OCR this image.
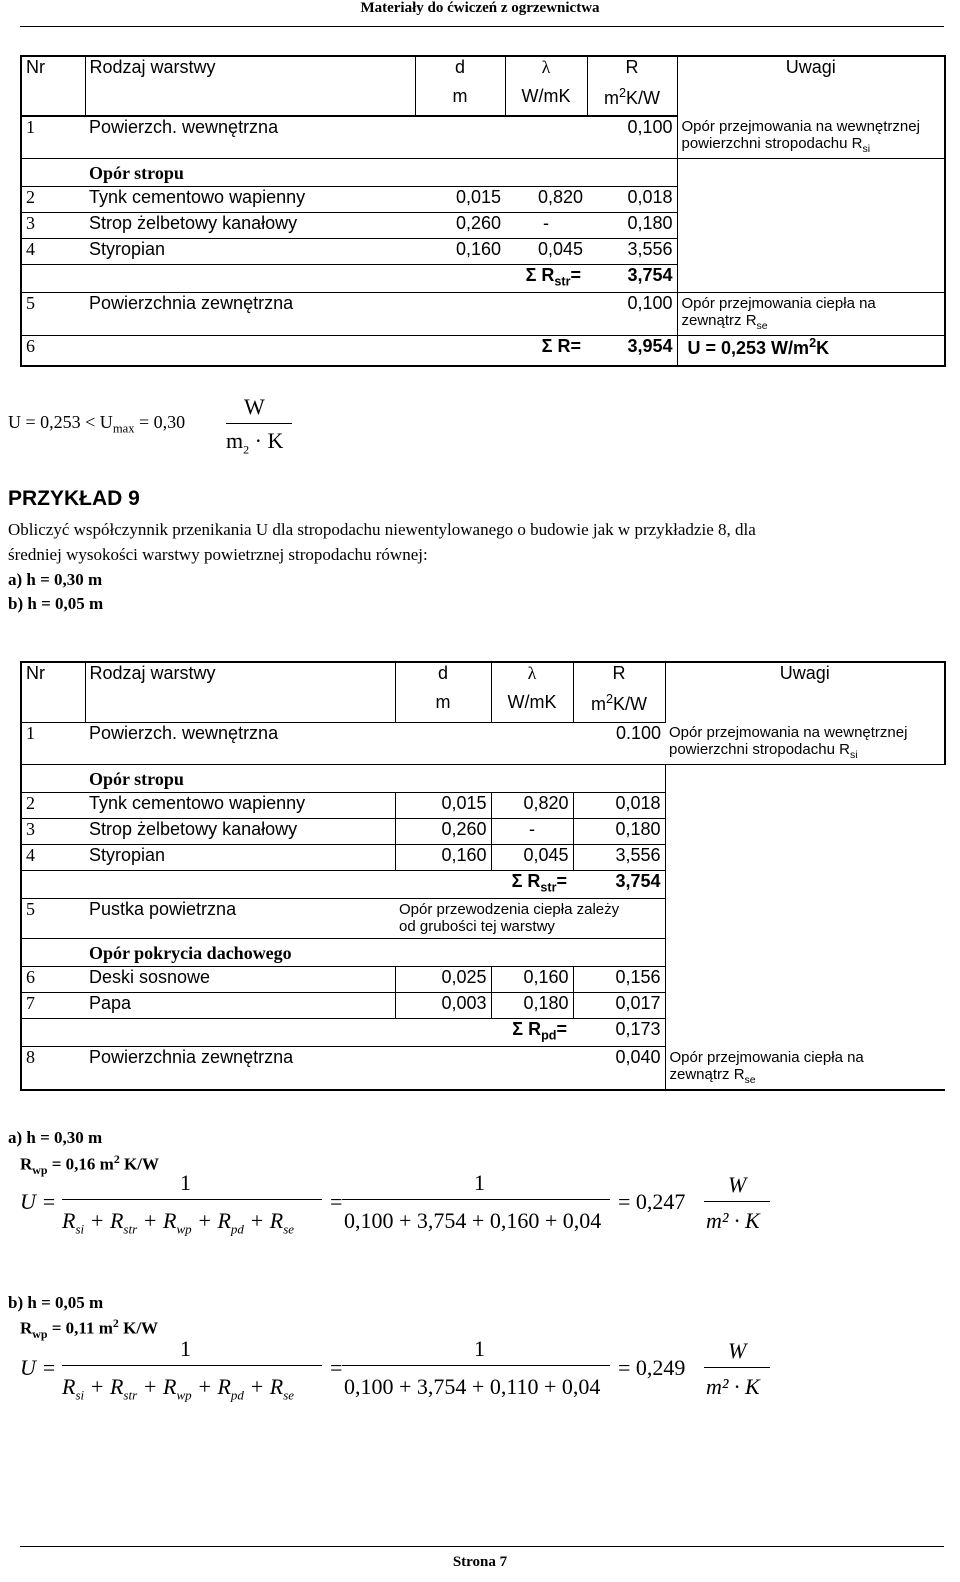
Materiały do ćwiczeń z ogrzewnictwa
Nr	Rodzaj warstwy	d	λ	R	Uwagi
		m	W/mK	$m^2K/W$	
1	Powierzch. wewnętrzna			0,100	Opór przejmowania na wewnętrznej
powierzchni stropodachu $R_{si}$
	Opór stropu				
2	Tynk cementowo wapienny	0,015	0,820	0,018	
3	Strop żelbetowy kanałowy	0,260	-	0,180	
4	Styropian	0,160	0,045	3,556	
	Σ $R_{str}=$			3,754	
5	Powierzchnia zewnętrzna			0,100	Opór przejmowania ciepła na
zewnątrz $R_{se}$
6	Σ R=			3,954	U = 0,253 $W/m^2K$
$U = 0,253 < U_{max} = 0,30$
W
$m_2 \cdot K$
PRZYKŁAD 9
Obliczyć współczynnik przenikania U dla stropodachu niewentylowanego o budowie jak w przykładzie 8, dla
średniej wysokości warstwy powietrznej stropodachu równej:
a) h = 0,30 m
b) h = 0,05 m
Nr	Rodzaj warstwy	d	λ	R	Uwagi
		m	W/mK	$m^2K/W$	
1	Powierzch. wewnętrzna			0.100	Opór przejmowania na wewnętrznej
powierzchni stropodachu $R_{si}$
	Opór stropu				
2	Tynk cementowo wapienny	0,015	0,820	0,018	
3	Strop żelbetowy kanałowy	0,260	-	0,180	
4	Styropian	0,160	0,045	3,556	
	Σ $R_{str}=$			3,754	
5	Pustka powietrzna	Opór przewodzenia ciepła zależy
od grubości tej warstwy			
	Opór pokrycia dachowego				
6	Deski sosnowe	0,025	0,160	0,156	
7	Papa	0,003	0,180	0,017	
	Σ $R_{pd}=$			0,173	
8	Powierzchnia zewnętrzna			0,040	Opór przejmowania ciepła na
zewnątrz $R_{se}$
a) h = 0,30 m
$R_{wp} = 0,16$ $m^2$ K/W
U =
1
$R_{si} + R_{str} + R_{wp} + R_{pd} + R_{se}$
=
1
0,100 + 3,754 + 0,160 + 0,04
= 0,247
W
m² · K
b) h = 0,05 m
$R_{wp} = 0,11$ $m^2$ K/W
U =
1
$R_{si} + R_{str} + R_{wp} + R_{pd} + R_{se}$
=
1
0,100 + 3,754 + 0,110 + 0,04
= 0,249
W
m² · K
Strona 7
